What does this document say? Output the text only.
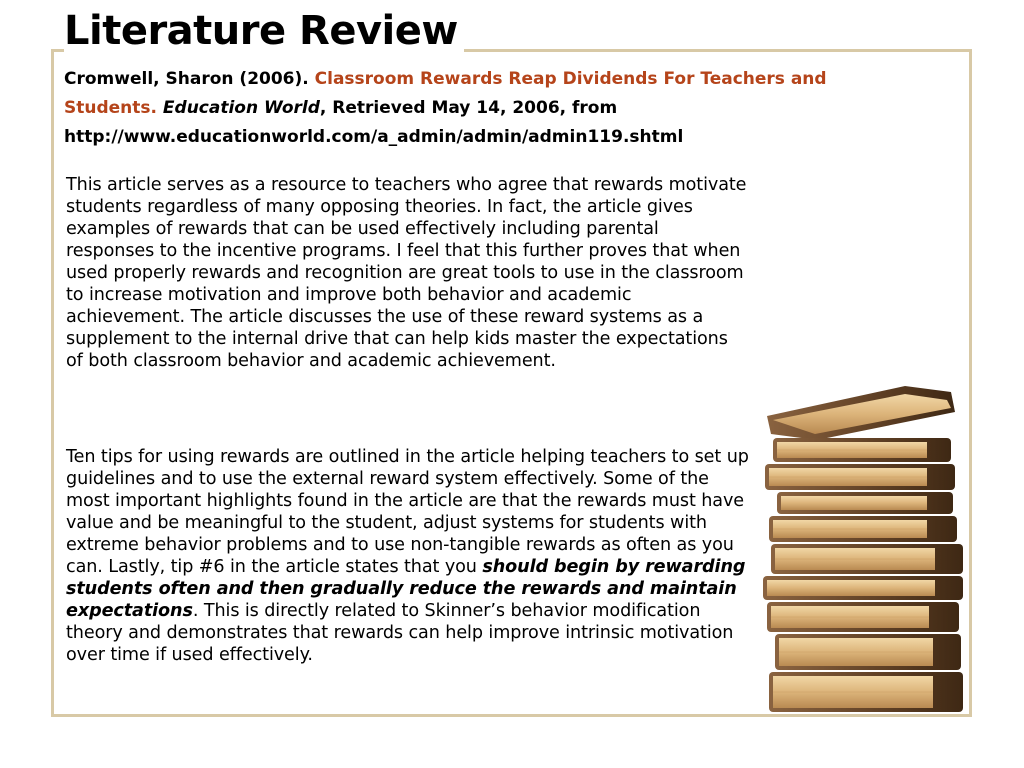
Literature Review

Cromwell, Sharon (2006). Classroom Rewards Reap Dividends For Teachers and Students. Education World, Retrieved May 14, 2006, from
http://www.educationworld.com/a_admin/admin/admin119.shtml

This article serves as a resource to teachers who agree that rewards motivate students regardless of many opposing theories. In fact, the article gives examples of rewards that can be used effectively including parental responses to the incentive programs. I feel that this further proves that when used properly rewards and recognition are great tools to use in the classroom to increase motivation and improve both behavior and academic achievement. The article discusses the use of these reward systems as a supplement to the internal drive that can help kids master the expectations of both classroom behavior and academic achievement.

Ten tips for using rewards are outlined in the article helping teachers to set up guidelines and to use the external reward system effectively. Some of the most important highlights found in the article are that the rewards must have value and be meaningful to the student, adjust systems for students with extreme behavior problems and to use non-tangible rewards as often as you can. Lastly, tip #6 in the article states that you should begin by rewarding students often and then gradually reduce the rewards and maintain expectations. This is directly related to Skinner’s behavior modification theory and demonstrates that rewards can help improve intrinsic motivation over time if used effectively.
